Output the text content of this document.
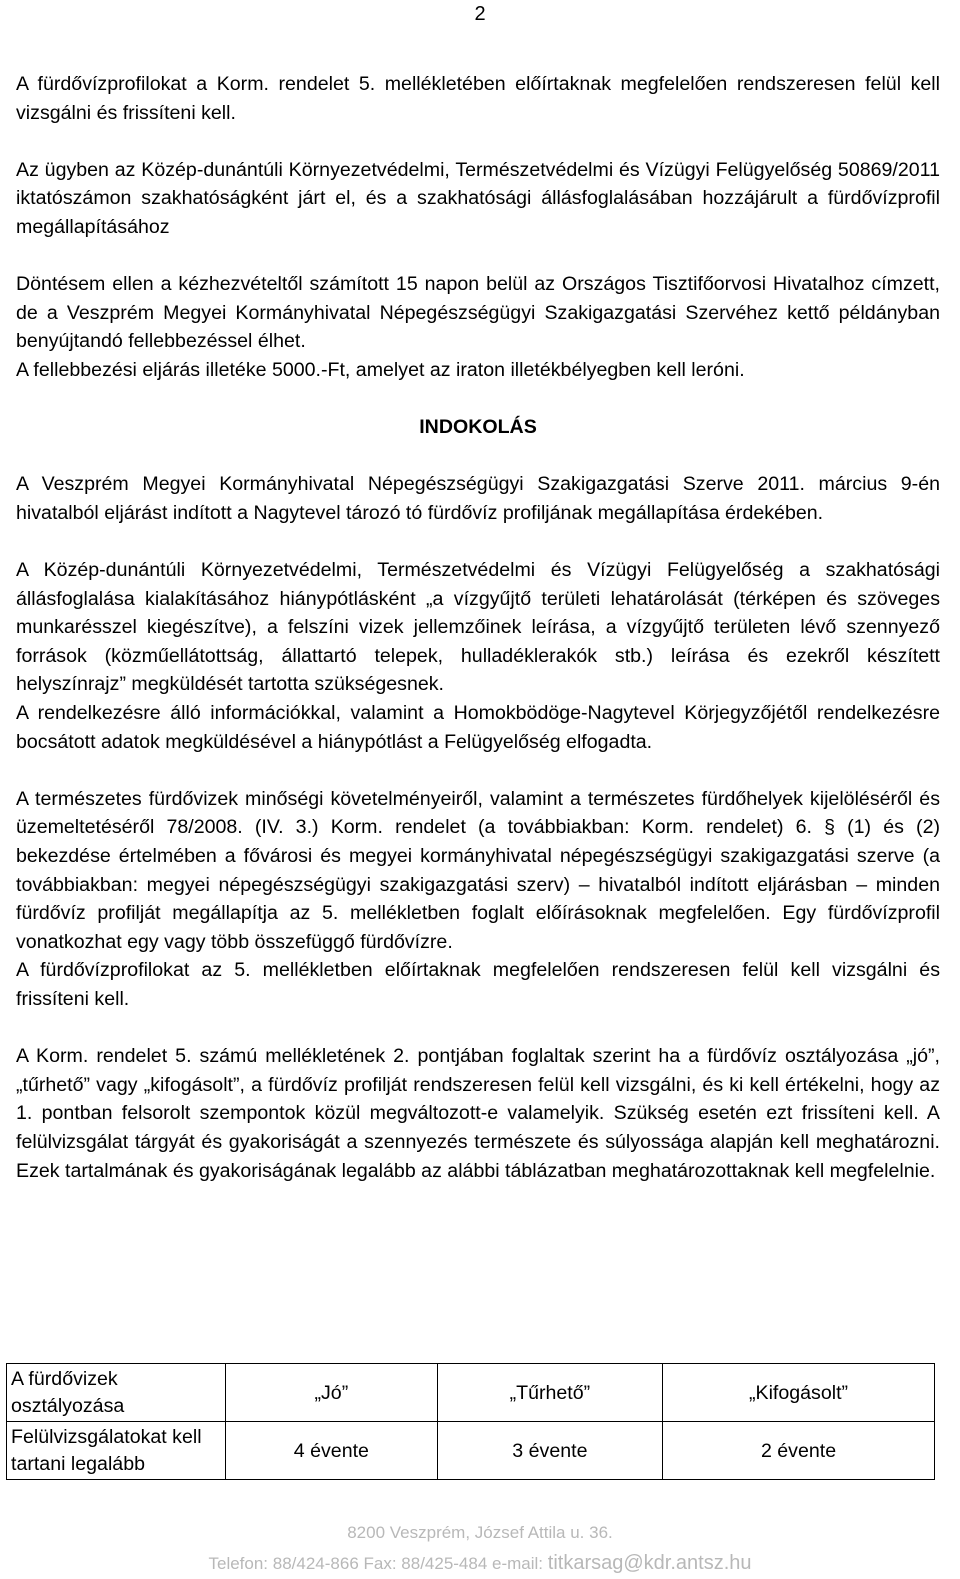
2

A fürdővízprofilokat a Korm. rendelet 5. mellékletében előírtaknak megfelelően rendszeresen felül kell vizsgálni és frissíteni kell.

Az ügyben az Közép-dunántúli Környezetvédelmi, Természetvédelmi és Vízügyi Felügyelőség 50869/2011 iktatószámon szakhatóságként járt el, és a szakhatósági állásfoglalásában hozzájárult a fürdővízprofil megállapításához

Döntésem ellen a kézhezvételtől számított 15 napon belül az Országos Tisztifőorvosi Hivatalhoz címzett, de a Veszprém Megyei Kormányhivatal Népegészségügyi Szakigazgatási Szervéhez kettő példányban benyújtandó fellebbezéssel élhet.

A fellebbezési eljárás illetéke 5000.-Ft, amelyet az iraton illetékbélyegben kell leróni.

INDOKOLÁS

A Veszprém Megyei Kormányhivatal Népegészségügyi Szakigazgatási Szerve 2011. március 9-én hivatalból eljárást indított a Nagytevel tározó tó fürdővíz profiljának megállapítása érdekében.

A Közép-dunántúli Környezetvédelmi, Természetvédelmi és Vízügyi Felügyelőség a szakhatósági állásfoglalása kialakításához hiánypótlásként „a vízgyűjtő területi lehatárolását (térképen és szöveges munkarésszel kiegészítve), a felszíni vizek jellemzőinek leírása, a vízgyűjtő területen lévő szennyező források (közműellátottság, állattartó telepek, hulladéklerakók stb.) leírása és ezekről készített helyszínrajz” megküldését tartotta szükségesnek.

A rendelkezésre álló információkkal, valamint a Homokbödöge-Nagytevel Körjegyzőjétől rendelkezésre bocsátott adatok megküldésével a hiánypótlást a Felügyelőség elfogadta.

A természetes fürdővizek minőségi követelményeiről, valamint a természetes fürdőhelyek kijelöléséről és üzemeltetéséről 78/2008. (IV. 3.) Korm. rendelet (a továbbiakban: Korm. rendelet) 6. § (1) és (2) bekezdése értelmében a fővárosi és megyei kormányhivatal népegészségügyi szakigazgatási szerve (a továbbiakban: megyei népegészségügyi szakigazgatási szerv) – hivatalból indított eljárásban – minden fürdővíz profilját megállapítja az 5. mellékletben foglalt előírásoknak megfelelően. Egy fürdővízprofil vonatkozhat egy vagy több összefüggő fürdővízre.

A fürdővízprofilokat az 5. mellékletben előírtaknak megfelelően rendszeresen felül kell vizsgálni és frissíteni kell.

A Korm. rendelet 5. számú mellékletének 2. pontjában foglaltak szerint ha a fürdővíz osztályozása „jó”, „tűrhető” vagy „kifogásolt”, a fürdővíz profilját rendszeresen felül kell vizsgálni, és ki kell értékelni, hogy az 1. pontban felsorolt szempontok közül megváltozott-e valamelyik. Szükség esetén ezt frissíteni kell. A felülvizsgálat tárgyát és gyakoriságát a szennyezés természete és súlyossága alapján kell meghatározni. Ezek tartalmának és gyakoriságának legalább az alábbi táblázatban meghatározottaknak kell megfelelnie.

A fürdővizek osztályozása	„Jó”	„Tűrhető”	„Kifogásolt”
Felülvizsgálatokat kell tartani legalább	4 évente	3 évente	2 évente
8200 Veszprém, József Attila u. 36.
Telefon: 88/424-866 Fax: 88/425-484 e-mail: titkarsag@kdr.antsz.hu
